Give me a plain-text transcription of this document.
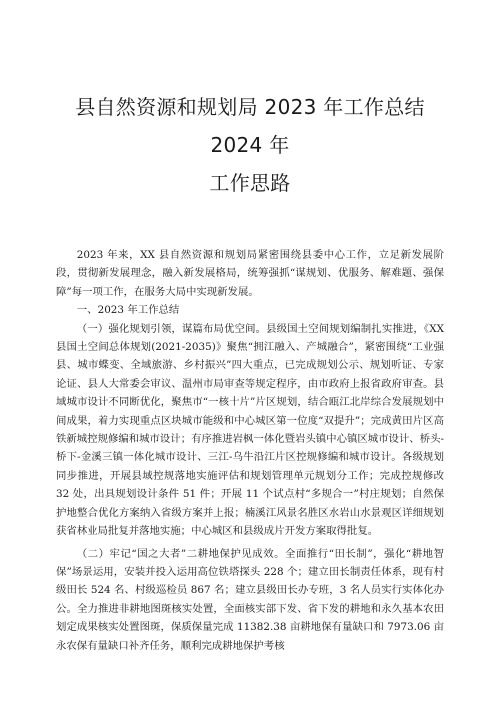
县自然资源和规划局 2023 年工作总结 2024 年
工作思路

2023 年来，XX 县自然资源和规划局紧密围绕县委中心工作，立足新发展阶段，贯彻新发展理念，融入新发展格局，统筹强抓“谋规划、优服务、解难题、强保障”每一项工作，在服务大局中实现新发展。

一、2023 年工作总结

（一）强化规划引领，谋篇布局优空间。县级国土空间规划编制扎实推进，《XX 县国土空间总体规划(2021-2035)》聚焦“拥江融入、产城融合”，紧密围绕“工业强县、城市蝶变、全域旅游、乡村振兴”四大重点，已完成规划公示、规划听证、专家论证、县人大常委会审议、温州市局审查等规定程序，由市政府上报省政府审查。县域城市设计不同断优化，聚焦市“一核十片”片区规划，结合瓯江北岸综合发展规划中间成果，着力实现重点区块城市能级和中心城区第一位度“双提升”；完成黄田片区高铁新城控规修编和城市设计；有序推进岩枫一体化暨岩头镇中心镇区城市设计、桥头-桥下-金溪三镇一体化城市设计、三江-乌牛沿江片区控规修编和城市设计。各级规划同步推进，开展县域控规落地实施评估和规划管理单元规划分工作；完成控规修改 32 处，出具规划设计条件 51 件；开展 11 个试点村“多规合一”村庄规划；自然保护地整合优化方案纳入省级方案并上报；楠溪江风景名胜区水岩山水景观区详细规划获省林业局批复并落地实施；中心城区和县级成片开发方案取得批复。

（二）牢记“国之大者”二耕地保护见成效。全面推行“田长制”，强化“耕地智保”场景运用，安装并投入运用高位铁塔探头 228 个；建立田长制责任体系，现有村级田长 524 名、村级巡检员 867 名；建立县级田长办专班，3 名人员实行实体化办公。全力推进非耕地图斑核实处置，全面核实部下发、省下发的耕地和永久基本农田划定成果核实处置图斑，保质保量完成 11382.38 亩耕地保有量缺口和 7973.06 亩永农保有量缺口补齐任务，顺利完成耕地保护考核
